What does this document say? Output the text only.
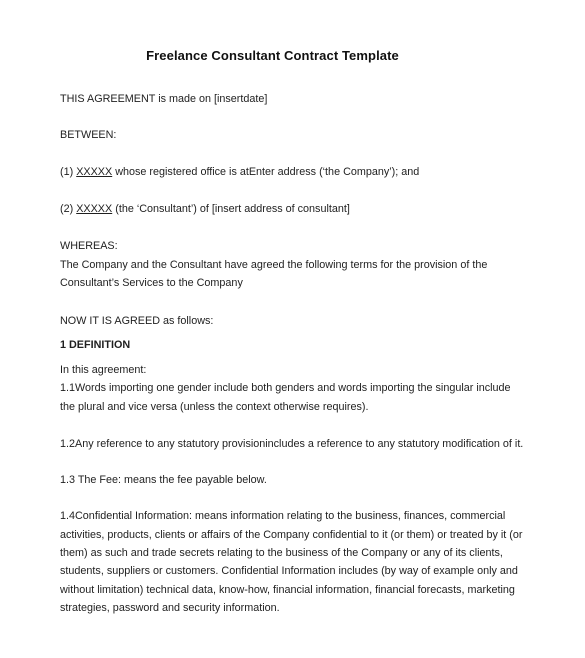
Freelance Consultant Contract Template
THIS AGREEMENT is made on [insertdate]
BETWEEN:
(1) XXXXX whose registered office is atEnter address (‘the Company’); and
(2) XXXXX (the ‘Consultant’) of [insert address of consultant]
WHEREAS:
The Company and the Consultant have agreed the following terms for the provision of the
Consultant’s Services to the Company
NOW IT IS AGREED as follows:
1 DEFINITION
In this agreement:
1.1Words importing one gender include both genders and words importing the singular include
the plural and vice versa (unless the context otherwise requires).
1.2Any reference to any statutory provisionincludes a reference to any statutory modification of it.
1.3 The Fee: means the fee payable below.
1.4Confidential Information: means information relating to the business, finances, commercial
activities, products, clients or affairs of the Company confidential to it (or them) or treated by it (or
them) as such and trade secrets relating to the business of the Company or any of its clients,
students, suppliers or customers. Confidential Information includes (by way of example only and
without limitation) technical data, know-how, financial information, financial forecasts, marketing
strategies, password and security information.
